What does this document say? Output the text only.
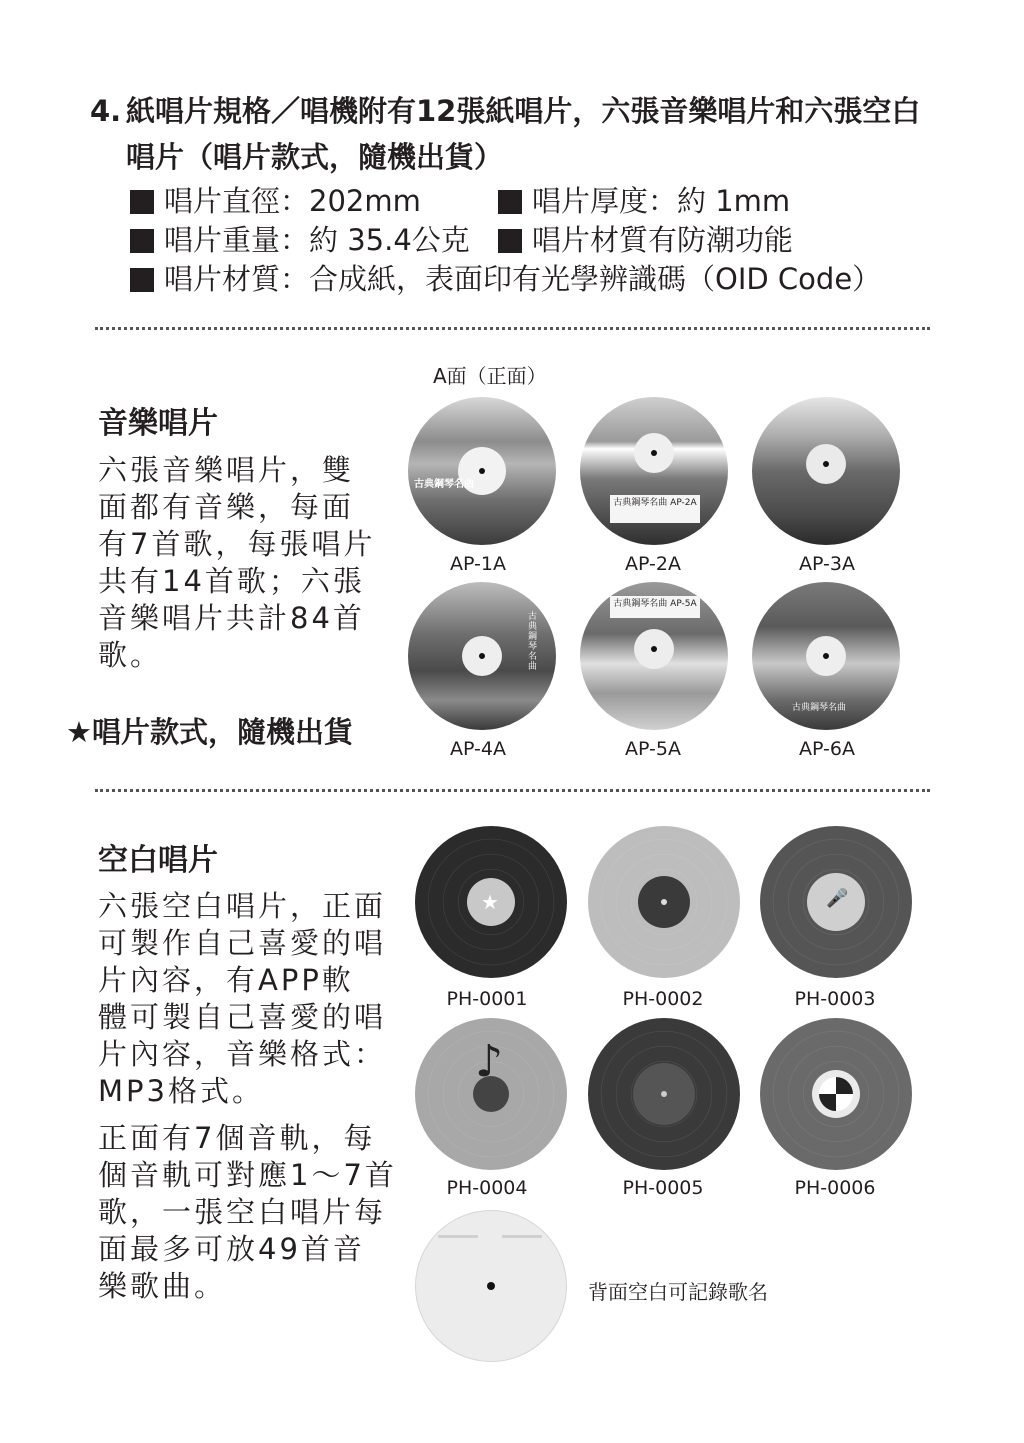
4. 紙唱片規格／唱機附有12張紙唱片，六張音樂唱片和六張空白
唱片（唱片款式，隨機出貨）
唱片直徑：202mm	唱片厚度：約 1mm
唱片重量：約 35.4公克	唱片材質有防潮功能
唱片材質：合成紙，表面印有光學辨識碼（OID Code）
A面（正面）
音樂唱片
六張音樂唱片，雙
面都有音樂，每面
有7首歌，每張唱片
共有14首歌；六張
音樂唱片共計84首
歌。
★唱片款式，隨機出貨
古典鋼琴名曲
古典鋼琴名曲 AP-2A
AP-1A	AP-2A	AP-3A
古典鋼琴名曲
古典鋼琴名曲 AP-5A
古典鋼琴名曲
AP-4A	AP-5A	AP-6A
空白唱片
六張空白唱片，正面
可製作自己喜愛的唱
片內容，有APP軟
體可製自己喜愛的唱
片內容，音樂格式：
MP3格式。
正面有7個音軌，每
個音軌可對應1～7首
歌，一張空白唱片每
面最多可放49首音
樂歌曲。
★	🎤
PH-0001	PH-0002	PH-0003
♪
PH-0004	PH-0005	PH-0006
背面空白可記錄歌名
